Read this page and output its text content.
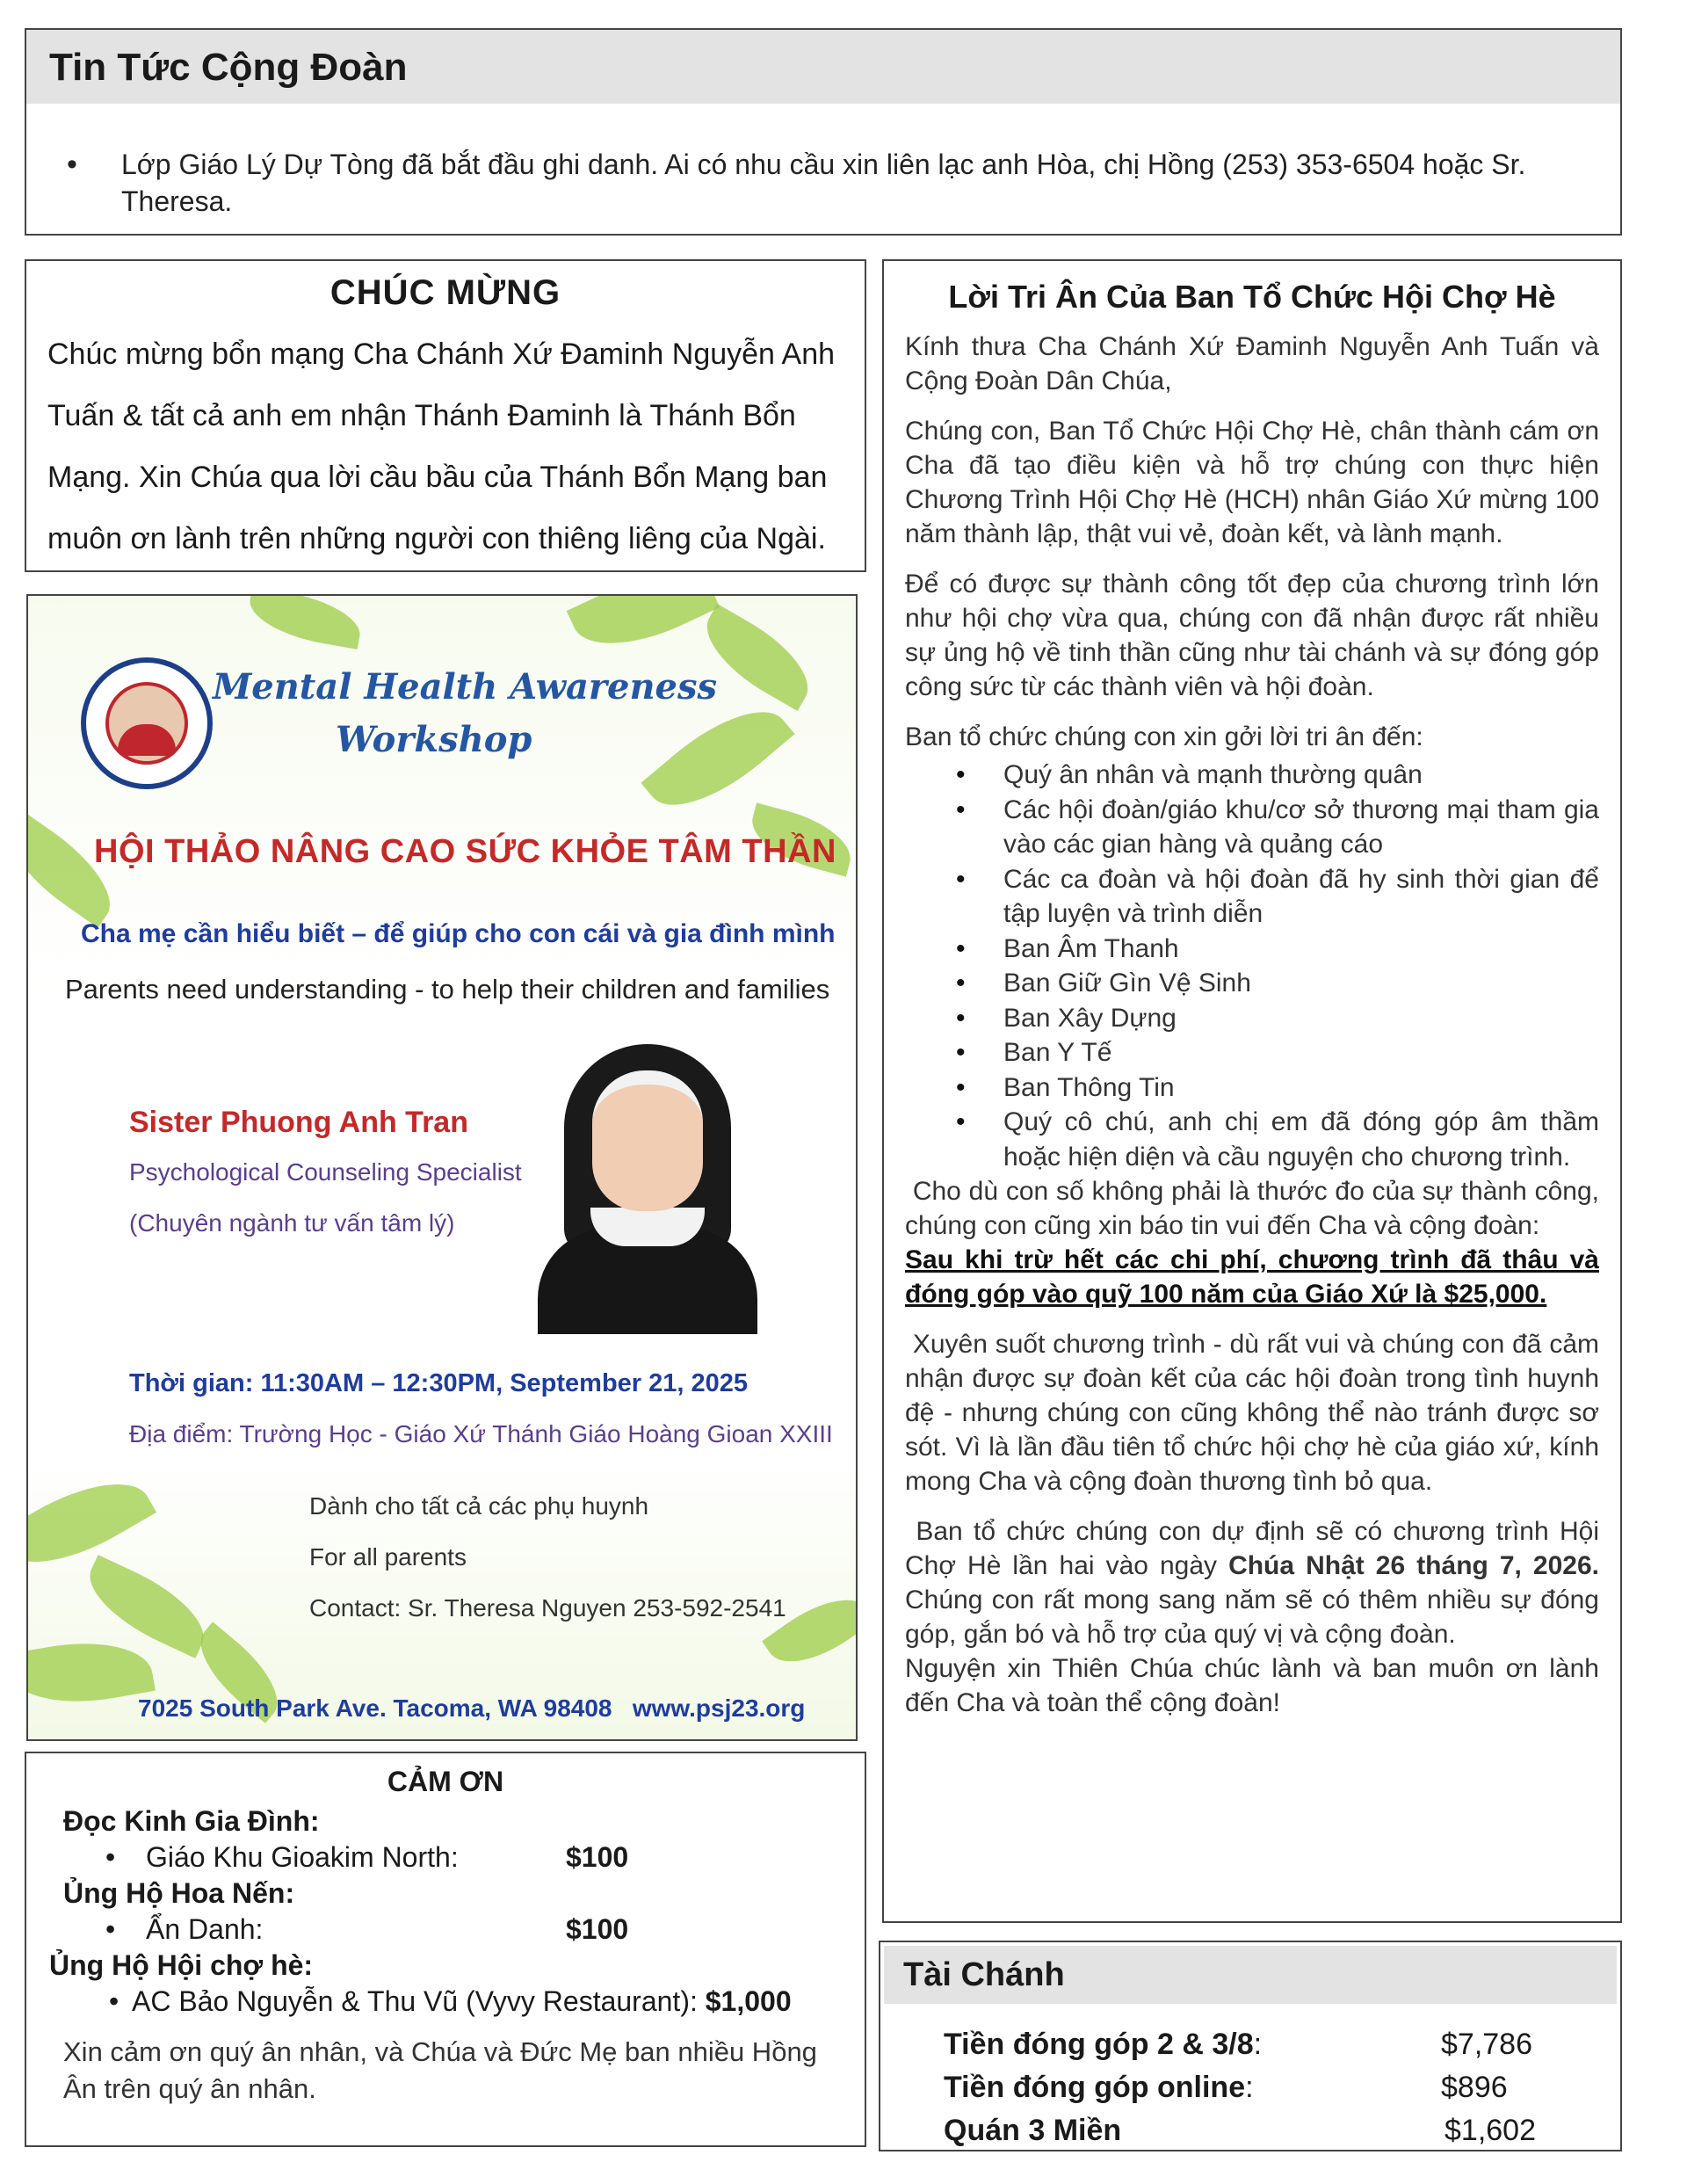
Tin Tức Cộng Đoàn
• Lớp Giáo Lý Dự Tòng đã bắt đầu ghi danh. Ai có nhu cầu xin liên lạc anh Hòa, chị Hồng (253) 353-6504 hoặc Sr. Theresa.
CHÚC MỪNG

Chúc mừng bổn mạng Cha Chánh Xứ Đaminh Nguyễn Anh Tuấn & tất cả anh em nhận Thánh Đaminh là Thánh Bổn Mạng. Xin Chúa qua lời cầu bầu của Thánh Bổn Mạng ban muôn ơn lành trên những người con thiêng liêng của Ngài.

Mental Health Awareness
Workshop
HỘI THẢO NÂNG CAO SỨC KHỎE TÂM THẦN
Cha mẹ cần hiểu biết – để giúp cho con cái và gia đình mình
Parents need understanding - to help their children and families
Sister Phuong Anh Tran
Psychological Counseling Specialist
(Chuyên ngành tư vấn tâm lý)
Thời gian: 11:30AM – 12:30PM, September 21, 2025
Địa điểm: Trường Học - Giáo Xứ Thánh Giáo Hoàng Gioan XXIII
Dành cho tất cả các phụ huynh
For all parents
Contact: Sr. Theresa Nguyen 253-592-2541
7025 South Park Ave. Tacoma, WA 98408   www.psj23.org
CẢM ƠN
Đọc Kinh Gia Đình:
• Giáo Khu Gioakim North:	$100
Ủng Hộ Hoa Nến:
• Ẩn Danh:	$100
Ủng Hộ Hội chợ hè:
• AC Bảo Nguyễn & Thu Vũ (Vyvy Restaurant): $1,000

Xin cảm ơn quý ân nhân, và Chúa và Đức Mẹ ban nhiều Hồng Ân trên quý ân nhân.

Lời Tri Ân Của Ban Tổ Chức Hội Chợ Hè

Kính thưa Cha Chánh Xứ Đaminh Nguyễn Anh Tuấn và Cộng Đoàn Dân Chúa,

Chúng con, Ban Tổ Chức Hội Chợ Hè, chân thành cám ơn Cha đã tạo điều kiện và hỗ trợ chúng con thực hiện Chương Trình Hội Chợ Hè (HCH) nhân Giáo Xứ mừng 100 năm thành lập, thật vui vẻ, đoàn kết, và lành mạnh.

Để có được sự thành công tốt đẹp của chương trình lớn như hội chợ vừa qua, chúng con đã nhận được rất nhiều sự ủng hộ về tinh thần cũng như tài chánh và sự đóng góp công sức từ các thành viên và hội đoàn.

Ban tổ chức chúng con xin gởi lời tri ân đến:

• Quý ân nhân và mạnh thường quân
• Các hội đoàn/giáo khu/cơ sở thương mại tham gia vào các gian hàng và quảng cáo
• Các ca đoàn và hội đoàn đã hy sinh thời gian để tập luyện và trình diễn
• Ban Âm Thanh
• Ban Giữ Gìn Vệ Sinh
• Ban Xây Dựng
• Ban Y Tế
• Ban Thông Tin
• Quý cô chú, anh chị em đã đóng góp âm thầm hoặc hiện diện và cầu nguyện cho chương trình.

Cho dù con số không phải là thước đo của sự thành công, chúng con cũng xin báo tin vui đến Cha và cộng đoàn:

Sau khi trừ hết các chi phí, chương trình đã thâu và đóng góp vào quỹ 100 năm của Giáo Xứ là $25,000.

Xuyên suốt chương trình - dù rất vui và chúng con đã cảm nhận được sự đoàn kết của các hội đoàn trong tình huynh đệ - nhưng chúng con cũng không thể nào tránh được sơ sót. Vì là lần đầu tiên tổ chức hội chợ hè của giáo xứ, kính mong Cha và cộng đoàn thương tình bỏ qua.

Ban tổ chức chúng con dự định sẽ có chương trình Hội Chợ Hè lần hai vào ngày Chúa Nhật 26 tháng 7, 2026. Chúng con rất mong sang năm sẽ có thêm nhiều sự đóng góp, gắn bó và hỗ trợ của quý vị và cộng đoàn.

Nguyện xin Thiên Chúa chúc lành và ban muôn ơn lành đến Cha và toàn thể cộng đoàn!

Tài Chánh
Tiền đóng góp 2 & 3/8:	$7,786
Tiền đóng góp online:	$896
Quán 3 Miền	$1,602
